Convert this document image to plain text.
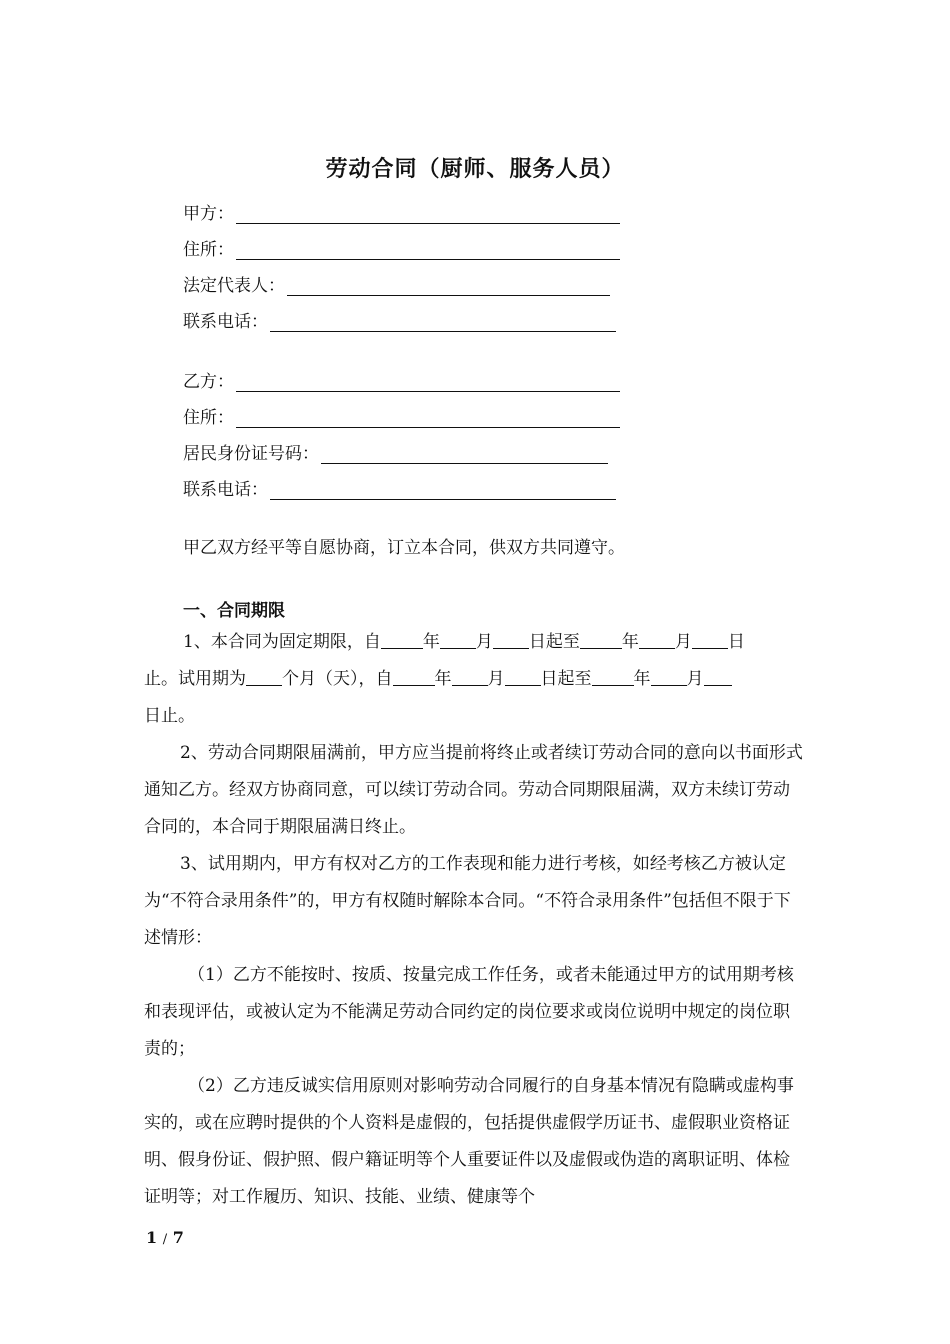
劳动合同（厨师、服务人员）
甲方：
住所：
法定代表人：
联系电话：
乙方：
住所：
居民身份证号码：
联系电话：
甲乙双方经平等自愿协商，订立本合同，供双方共同遵守。
一、合同期限
1、本合同为固定期限，自 年 月 日起至 年 月 日
止。试用期为 个月（天），自 年 月 日起至 年 月
日止。
2、劳动合同期限届满前，甲方应当提前将终止或者续订劳动合同的意向以书面形式通知乙方。经双方协商同意，可以续订劳动合同。劳动合同期限届满，双方未续订劳动合同的，本合同于期限届满日终止。
3、试用期内，甲方有权对乙方的工作表现和能力进行考核，如经考核乙方被认定为“不符合录用条件”的，甲方有权随时解除本合同。“不符合录用条件”包括但不限于下述情形：
（1）乙方不能按时、按质、按量完成工作任务，或者未能通过甲方的试用期考核和表现评估，或被认定为不能满足劳动合同约定的岗位要求或岗位说明中规定的岗位职责的；
（2）乙方违反诚实信用原则对影响劳动合同履行的自身基本情况有隐瞒或虚构事实的，或在应聘时提供的个人资料是虚假的，包括提供虚假学历证书、虚假职业资格证明、假身份证、假护照、假户籍证明等个人重要证件以及虚假或伪造的离职证明、体检证明等；对工作履历、知识、技能、业绩、健康等个
1 / 7
